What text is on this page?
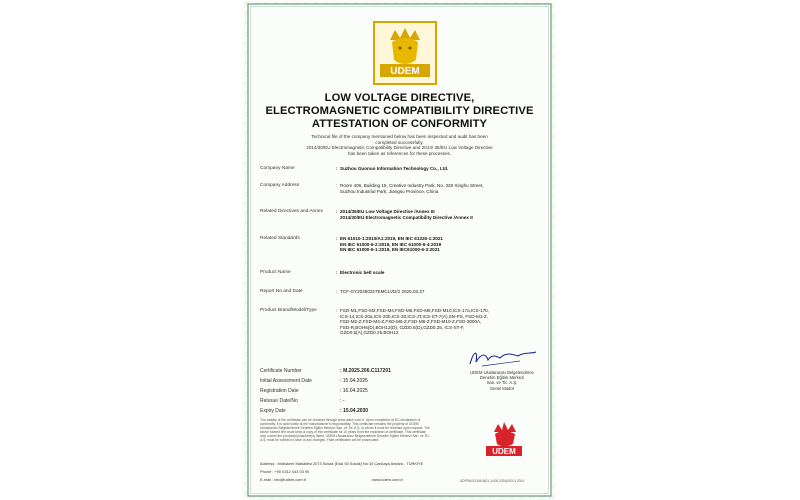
UDEM
LOW VOLTAGE DIRECTIVE,
ELECTROMAGNETIC COMPATIBILITY DIRECTIVE
ATTESTATION OF CONFORMITY
Technical file of the company mentioned below has been inspected and audit has been
completed successfully.
2014/30/EU Electromagnetic Compatibility Directive and 2014/ 35/EU Low Voltage Directive
has been taken as references for these processes.
Company Name	: Suzhou Guonuo Information Technology Co., Ltd.
Company Address	: Room 406, Building 15, Creative Industry Park, No. 328 Xinghu Street,
Suzhou Industrial Park, Jiangsu Province, China
Related Directives and Annex	: 2014/35/EU Low Voltage Directive /Annex III
2014/30/EU Electromagnetic Compatibility Directive /Annex II
Related Standards	: EN 61010-1:2010/A1:2019, EN IEC 61326-1:2021
EN IEC 61000-6-2:2019, EN IEC 61000-6-4:2019
EN IEC 61000-6-1:2019, EN IEC61000-6-3:2021
Product Name	: Electronic belt scale
Report No and Date	: TCF-GY20250327EMCLVD/2 2025.03.27
Product Brand/Model/Type	: FSD-M1,FSD-M2,FSD-M4,FSD-M6,FSD-M8,FSD-M10,ICS-17a,ICS-17b,
ICS-14,ICS-20a,ICS-20b,ICS-30,ICS-JT,ICS-ST-7(A),SN-PS, FSD-M1-Z,
FSD-M2-Z,FSD-M4-Z,FSD-M6-Z,FSD-M8-Z,FSD-M10-Z,FSD-3000A,
FSD-R,BOH5(D),BOH12(D), GZD0.5(D),GZD0.25, ICS-ST-F,
GZD0.5(A),GZD0.25,BOH12
Certificate Number	: M.2025.206.C117201
Initial Assessment Date	: 15.04.2025
Registration Date	: 16.04.2025
Reissue Date/No	: -
Expiry Date	: 15.04.2030
UDEM Uluslararası Belgelendirme
Denetim Eğitim Merkezi
San. ve Tic. A.Ş.
Genel Müdür
The validity of the certificate can be checked through www.udem.com.tr. Upon completion of EC declaration of conformity, it is valid solely at the manufacturer's responsibility. This certificate remains the property of UDEM Uluslararası Belgelendirme Denetim Eğitim Merkezi San. ve Tic. A.Ş. to whom it must be returned upon request. The above named firm must keep a copy of this certificate for 10 years from the expiration of certificate. This certificate only covers the product(s)/machine(s) listed. UDEM Uluslararası Belgelendirme Denetim Eğitim Merkezi San. ve Tic. A.Ş. must be notified in case of any changes. Fake certificates will be prosecuted.
UDEM
Address : Mutlukent Mahallesi 2073 Sokak (Eski 93 Sokak) No:10 Çankaya Ankara - TÜRKİYE
Phone : +90 0312 443 03 90
E-mail : info@udem.com.tr	www.udem.com.tr	UDFRM.03-MA.5(01-14.08.2024)/03.01.2024
